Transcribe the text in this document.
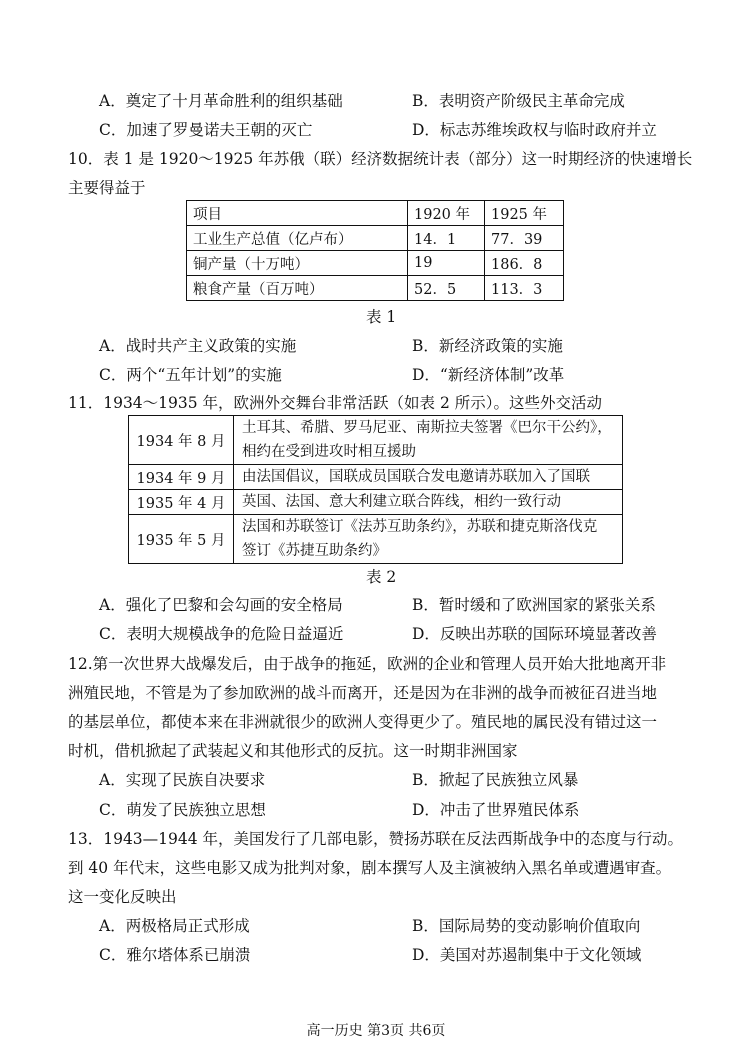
A．奠定了十月革命胜利的组织基础	B．表明资产阶级民主革命完成
C．加速了罗曼诺夫王朝的灭亡	D．标志苏维埃政权与临时政府并立
10．表 1 是 1920～1925 年苏俄（联）经济数据统计表（部分）这一时期经济的快速增长
主要得益于
项目	1920 年	1925 年
工业生产总值（亿卢布）	14．1	77．39
铜产量（十万吨）	19	186．8
粮食产量（百万吨）	52．5	113．3
表 1
A．战时共产主义政策的实施	B．新经济政策的实施
C．两个“五年计划”的实施	D．“新经济体制”改革
11．1934～1935 年，欧洲外交舞台非常活跃（如表 2 所示）。这些外交活动
1934 年 8 月	土耳其、希腊、罗马尼亚、南斯拉夫签署《巴尔干公约》，
相约在受到进攻时相互援助

1934 年 9 月	由法国倡议，国联成员国联合发电邀请苏联加入了国联

1935 年 4 月	英国、法国、意大利建立联合阵线，相约一致行动

1935 年 5 月	法国和苏联签订《法苏互助条约》，苏联和捷克斯洛伐克
签订《苏捷互助条约》
表 2
A．强化了巴黎和会勾画的安全格局	B．暂时缓和了欧洲国家的紧张关系
C．表明大规模战争的危险日益逼近	D．反映出苏联的国际环境显著改善
12.第一次世界大战爆发后，由于战争的拖延，欧洲的企业和管理人员开始大批地离开非
洲殖民地，不管是为了参加欧洲的战斗而离开，还是因为在非洲的战争而被征召进当地
的基层单位，都使本来在非洲就很少的欧洲人变得更少了。殖民地的属民没有错过这一
时机，借机掀起了武装起义和其他形式的反抗。这一时期非洲国家
A．实现了民族自决要求	B．掀起了民族独立风暴
C．萌发了民族独立思想	D．冲击了世界殖民体系
13．1943—1944 年，美国发行了几部电影，赞扬苏联在反法西斯战争中的态度与行动。
到 40 年代末，这些电影又成为批判对象，剧本撰写人及主演被纳入黑名单或遭遇审查。
这一变化反映出
A．两极格局正式形成	B．国际局势的变动影响价值取向
C．雅尔塔体系已崩溃	D．美国对苏遏制集中于文化领域
高一历史 第3页 共6页
